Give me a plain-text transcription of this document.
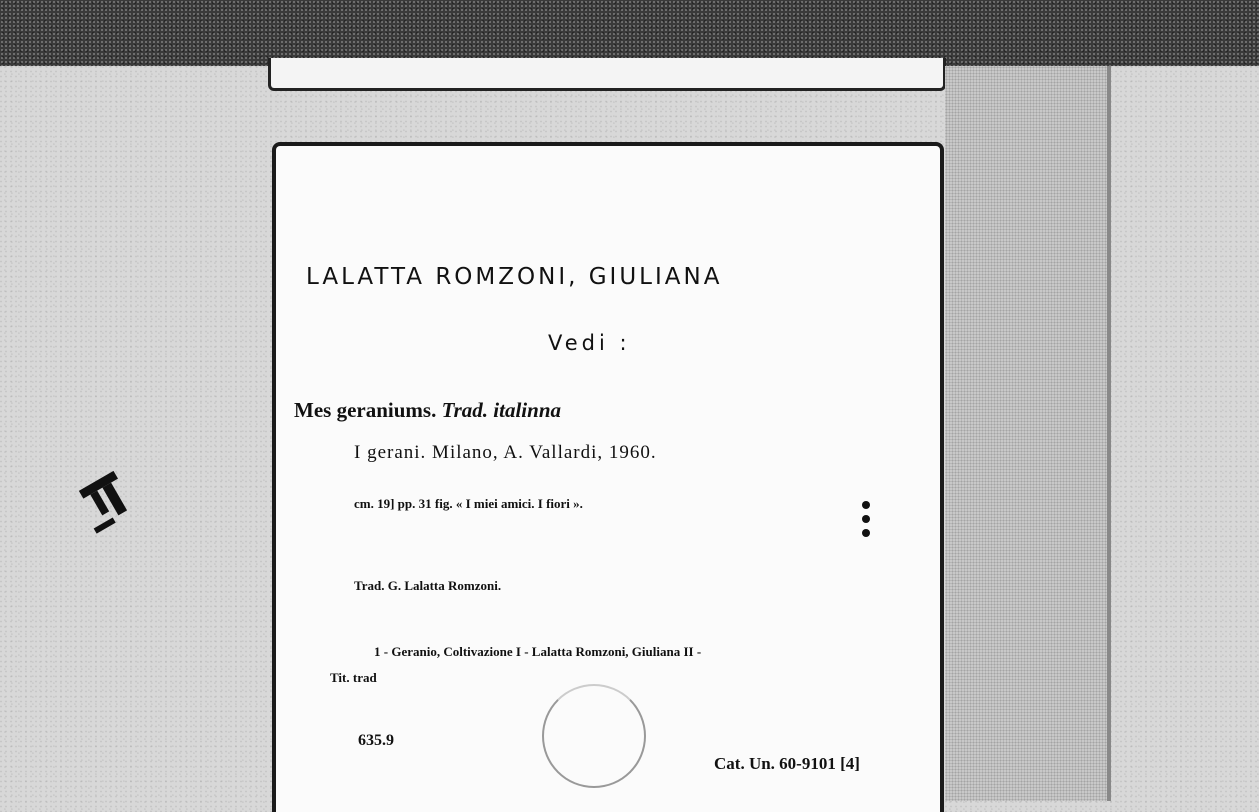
LALATTA ROMZONI, GIULIANA
Vedi :
Mes geraniums. Trad. italinna
I gerani. Milano, A. Vallardi, 1960.
cm. 19] pp. 31 fig. « I miei amici. I fiori ».
Trad. G. Lalatta Romzoni.
1 - Geranio, Coltivazione I - Lalatta Romzoni, Giuliana II -
Tit. trad
635.9
Cat. Un. 60-9101 [4]
